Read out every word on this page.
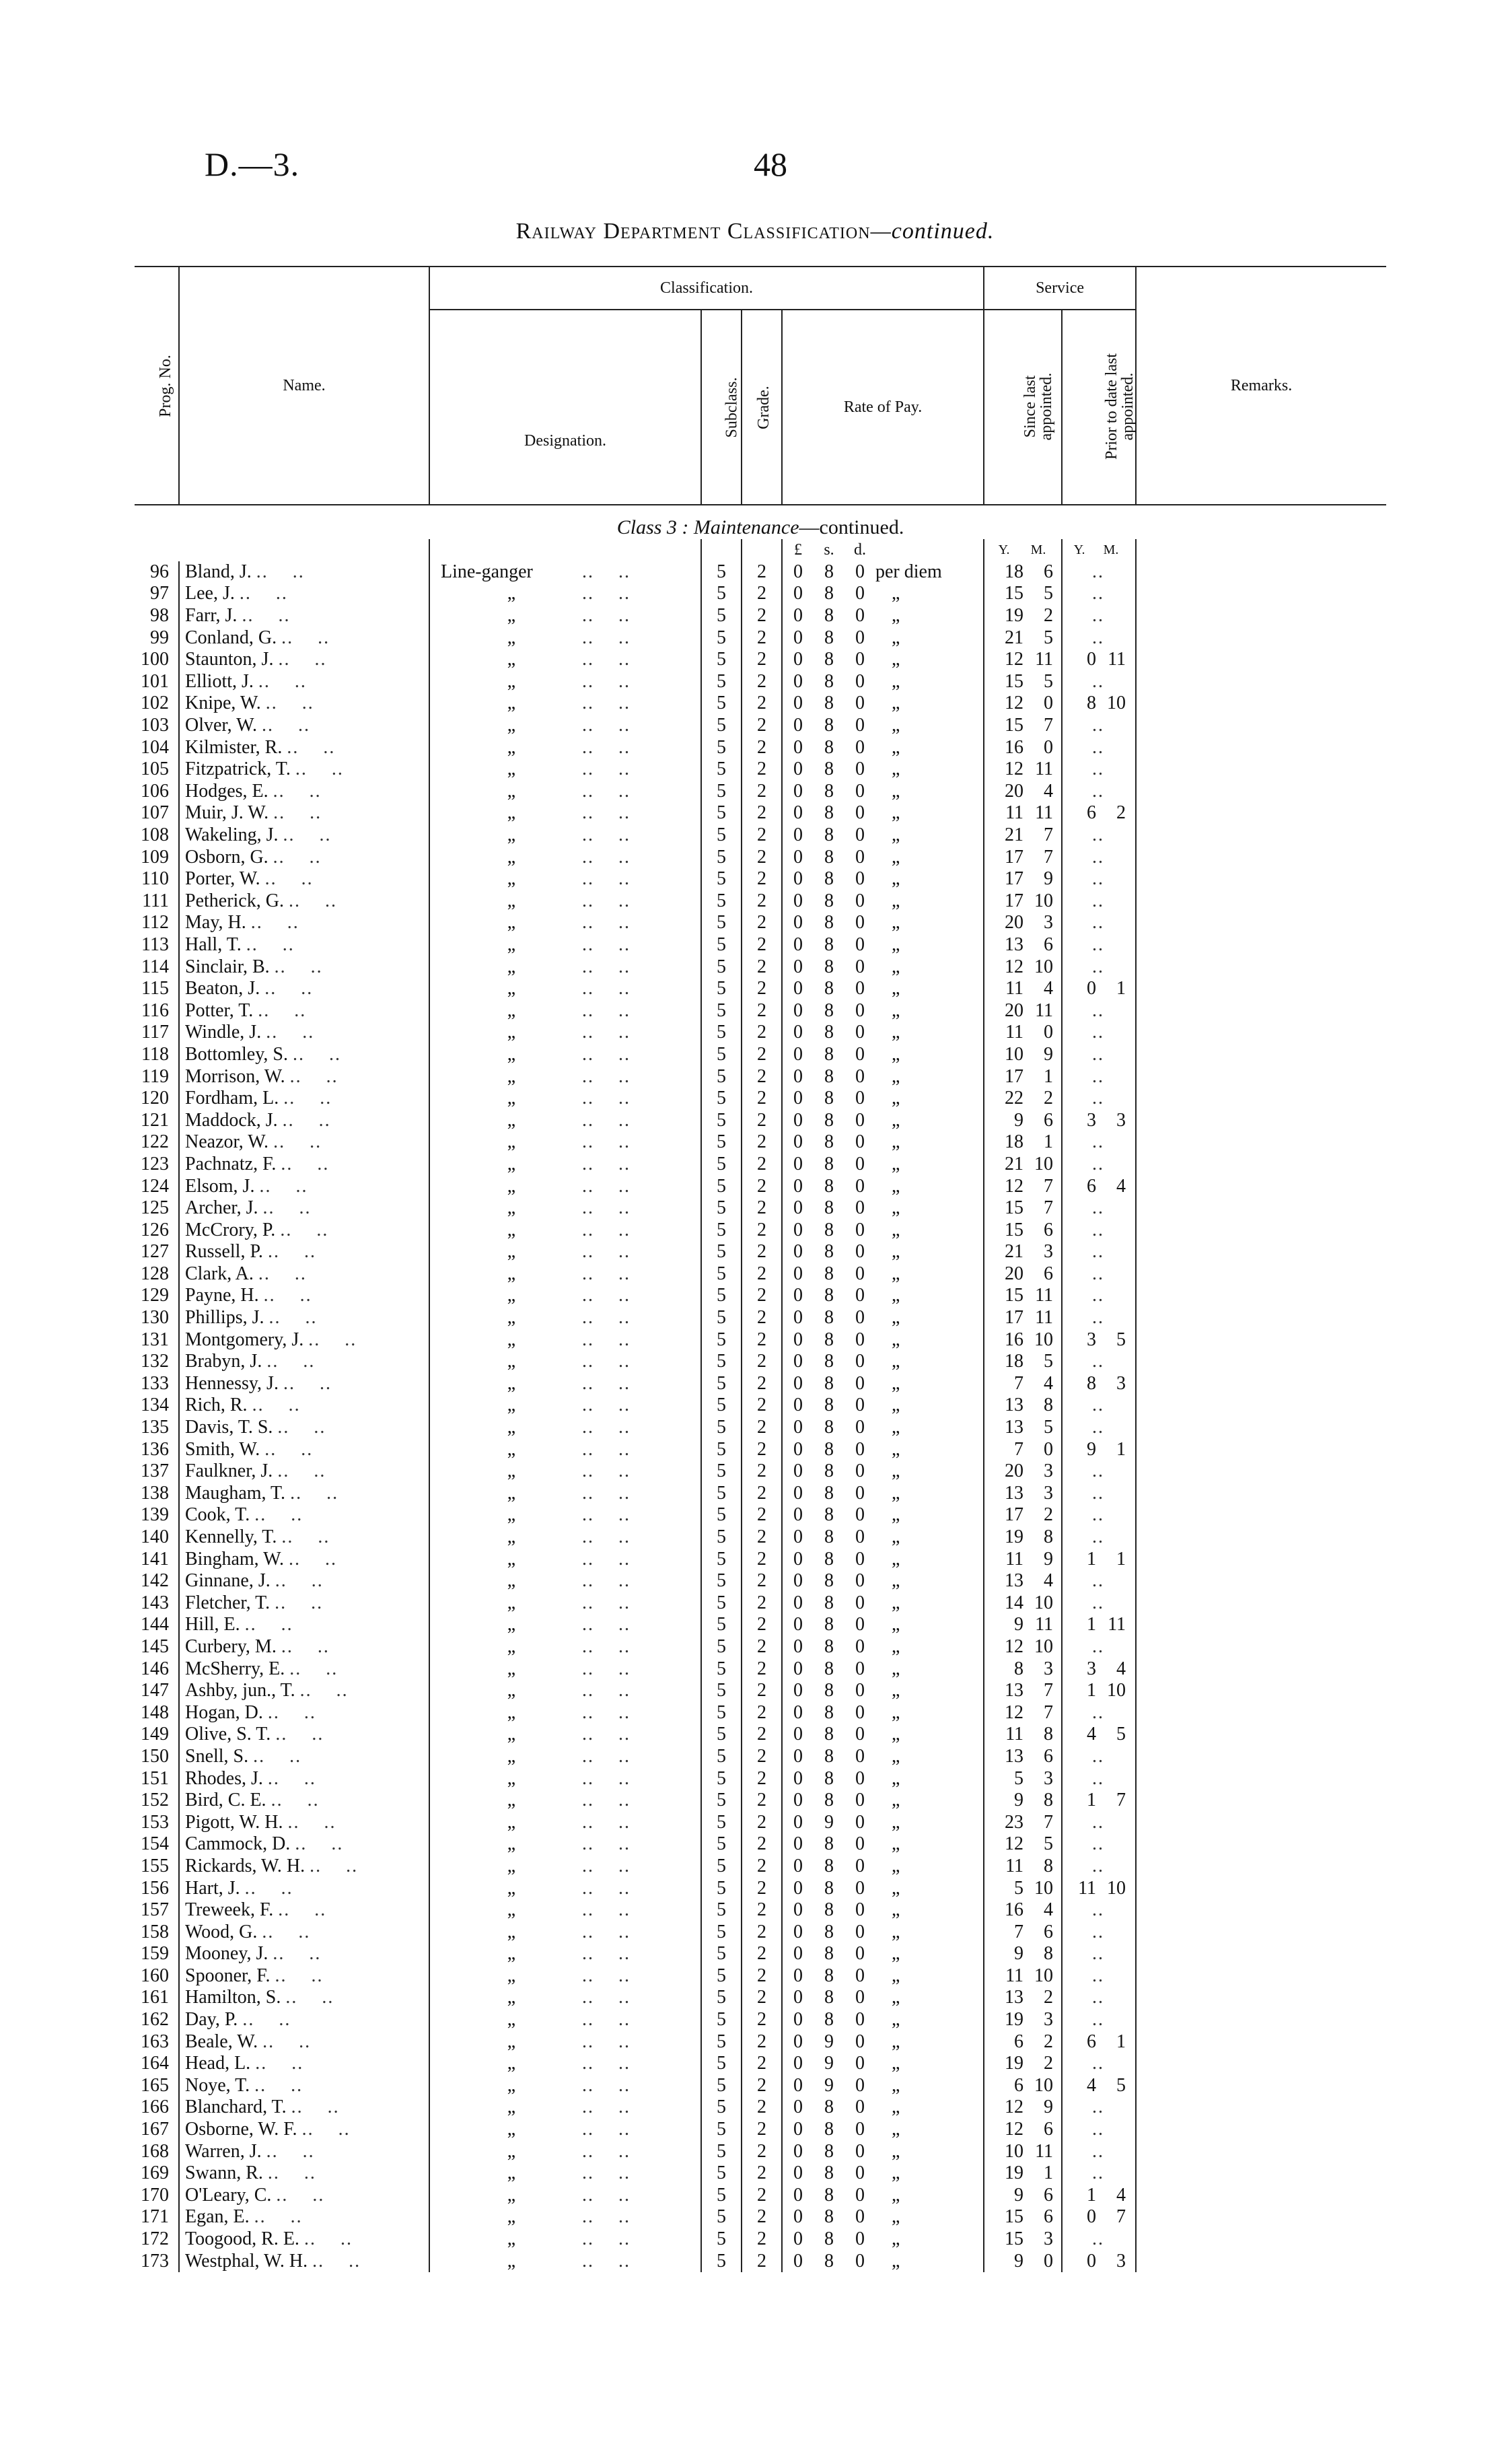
D.—3.	48
Railway Department Classification—continued.
Prog. No.	Name.	Classification.				Service		Remarks.
		Designation.	Subclass.	Grade.	Rate of Pay.	Since last appointed.	Prior to date last appointed.	
Class 3 : Maintenance—continued.								
					£ s. d.	Y. M.	Y. M.	
96	Bland, J. ..    ..	Line-ganger ..    ..	5	2	0 8 0 per diem	18 6	..	
97	Lee, J. ..    ..	„ ..    ..	5	2	0 8 0 „	15 5	..	
98	Farr, J. ..    ..	„ ..    ..	5	2	0 8 0 „	19 2	..	
99	Conland, G. ..    ..	„ ..    ..	5	2	0 8 0 „	21 5	..	
100	Staunton, J. ..    ..	„ ..    ..	5	2	0 8 0 „	12 11	0 11	
101	Elliott, J. ..    ..	„ ..    ..	5	2	0 8 0 „	15 5	..	
102	Knipe, W. ..    ..	„ ..    ..	5	2	0 8 0 „	12 0	8 10	
103	Olver, W. ..    ..	„ ..    ..	5	2	0 8 0 „	15 7	..	
104	Kilmister, R. ..    ..	„ ..    ..	5	2	0 8 0 „	16 0	..	
105	Fitzpatrick, T. ..    ..	„ ..    ..	5	2	0 8 0 „	12 11	..	
106	Hodges, E. ..    ..	„ ..    ..	5	2	0 8 0 „	20 4	..	
107	Muir, J. W. ..    ..	„ ..    ..	5	2	0 8 0 „	11 11	6 2	
108	Wakeling, J. ..    ..	„ ..    ..	5	2	0 8 0 „	21 7	..	
109	Osborn, G. ..    ..	„ ..    ..	5	2	0 8 0 „	17 7	..	
110	Porter, W. ..    ..	„ ..    ..	5	2	0 8 0 „	17 9	..	
111	Petherick, G. ..    ..	„ ..    ..	5	2	0 8 0 „	17 10	..	
112	May, H. ..    ..	„ ..    ..	5	2	0 8 0 „	20 3	..	
113	Hall, T. ..    ..	„ ..    ..	5	2	0 8 0 „	13 6	..	
114	Sinclair, B. ..    ..	„ ..    ..	5	2	0 8 0 „	12 10	..	
115	Beaton, J. ..    ..	„ ..    ..	5	2	0 8 0 „	11 4	0 1	
116	Potter, T. ..    ..	„ ..    ..	5	2	0 8 0 „	20 11	..	
117	Windle, J. ..    ..	„ ..    ..	5	2	0 8 0 „	11 0	..	
118	Bottomley, S. ..    ..	„ ..    ..	5	2	0 8 0 „	10 9	..	
119	Morrison, W. ..    ..	„ ..    ..	5	2	0 8 0 „	17 1	..	
120	Fordham, L. ..    ..	„ ..    ..	5	2	0 8 0 „	22 2	..	
121	Maddock, J. ..    ..	„ ..    ..	5	2	0 8 0 „	9 6	3 3	
122	Neazor, W. ..    ..	„ ..    ..	5	2	0 8 0 „	18 1	..	
123	Pachnatz, F. ..    ..	„ ..    ..	5	2	0 8 0 „	21 10	..	
124	Elsom, J. ..    ..	„ ..    ..	5	2	0 8 0 „	12 7	6 4	
125	Archer, J. ..    ..	„ ..    ..	5	2	0 8 0 „	15 7	..	
126	McCrory, P. ..    ..	„ ..    ..	5	2	0 8 0 „	15 6	..	
127	Russell, P. ..    ..	„ ..    ..	5	2	0 8 0 „	21 3	..	
128	Clark, A. ..    ..	„ ..    ..	5	2	0 8 0 „	20 6	..	
129	Payne, H. ..    ..	„ ..    ..	5	2	0 8 0 „	15 11	..	
130	Phillips, J. ..    ..	„ ..    ..	5	2	0 8 0 „	17 11	..	
131	Montgomery, J. ..    ..	„ ..    ..	5	2	0 8 0 „	16 10	3 5	
132	Brabyn, J. ..    ..	„ ..    ..	5	2	0 8 0 „	18 5	..	
133	Hennessy, J. ..    ..	„ ..    ..	5	2	0 8 0 „	7 4	8 3	
134	Rich, R. ..    ..	„ ..    ..	5	2	0 8 0 „	13 8	..	
135	Davis, T. S. ..    ..	„ ..    ..	5	2	0 8 0 „	13 5	..	
136	Smith, W. ..    ..	„ ..    ..	5	2	0 8 0 „	7 0	9 1	
137	Faulkner, J. ..    ..	„ ..    ..	5	2	0 8 0 „	20 3	..	
138	Maugham, T. ..    ..	„ ..    ..	5	2	0 8 0 „	13 3	..	
139	Cook, T. ..    ..	„ ..    ..	5	2	0 8 0 „	17 2	..	
140	Kennelly, T. ..    ..	„ ..    ..	5	2	0 8 0 „	19 8	..	
141	Bingham, W. ..    ..	„ ..    ..	5	2	0 8 0 „	11 9	1 1	
142	Ginnane, J. ..    ..	„ ..    ..	5	2	0 8 0 „	13 4	..	
143	Fletcher, T. ..    ..	„ ..    ..	5	2	0 8 0 „	14 10	..	
144	Hill, E. ..    ..	„ ..    ..	5	2	0 8 0 „	9 11	1 11	
145	Curbery, M. ..    ..	„ ..    ..	5	2	0 8 0 „	12 10	..	
146	McSherry, E. ..    ..	„ ..    ..	5	2	0 8 0 „	8 3	3 4	
147	Ashby, jun., T. ..    ..	„ ..    ..	5	2	0 8 0 „	13 7	1 10	
148	Hogan, D. ..    ..	„ ..    ..	5	2	0 8 0 „	12 7	..	
149	Olive, S. T. ..    ..	„ ..    ..	5	2	0 8 0 „	11 8	4 5	
150	Snell, S. ..    ..	„ ..    ..	5	2	0 8 0 „	13 6	..	
151	Rhodes, J. ..    ..	„ ..    ..	5	2	0 8 0 „	5 3	..	
152	Bird, C. E. ..    ..	„ ..    ..	5	2	0 8 0 „	9 8	1 7	
153	Pigott, W. H. ..    ..	„ ..    ..	5	2	0 9 0 „	23 7	..	
154	Cammock, D. ..    ..	„ ..    ..	5	2	0 8 0 „	12 5	..	
155	Rickards, W. H. ..    ..	„ ..    ..	5	2	0 8 0 „	11 8	..	
156	Hart, J. ..    ..	„ ..    ..	5	2	0 8 0 „	5 10	11 10	
157	Treweek, F. ..    ..	„ ..    ..	5	2	0 8 0 „	16 4	..	
158	Wood, G. ..    ..	„ ..    ..	5	2	0 8 0 „	7 6	..	
159	Mooney, J. ..    ..	„ ..    ..	5	2	0 8 0 „	9 8	..	
160	Spooner, F. ..    ..	„ ..    ..	5	2	0 8 0 „	11 10	..	
161	Hamilton, S. ..    ..	„ ..    ..	5	2	0 8 0 „	13 2	..	
162	Day, P. ..    ..	„ ..    ..	5	2	0 8 0 „	19 3	..	
163	Beale, W. ..    ..	„ ..    ..	5	2	0 9 0 „	6 2	6 1	
164	Head, L. ..    ..	„ ..    ..	5	2	0 9 0 „	19 2	..	
165	Noye, T. ..    ..	„ ..    ..	5	2	0 9 0 „	6 10	4 5	
166	Blanchard, T. ..    ..	„ ..    ..	5	2	0 8 0 „	12 9	..	
167	Osborne, W. F. ..    ..	„ ..    ..	5	2	0 8 0 „	12 6	..	
168	Warren, J. ..    ..	„ ..    ..	5	2	0 8 0 „	10 11	..	
169	Swann, R. ..    ..	„ ..    ..	5	2	0 8 0 „	19 1	..	
170	O'Leary, C. ..    ..	„ ..    ..	5	2	0 8 0 „	9 6	1 4	
171	Egan, E. ..    ..	„ ..    ..	5	2	0 8 0 „	15 6	0 7	
172	Toogood, R. E. ..    ..	„ ..    ..	5	2	0 8 0 „	15 3	..	
173	Westphal, W. H. ..    ..	„ ..    ..	5	2	0 8 0 „	9 0	0 3	
